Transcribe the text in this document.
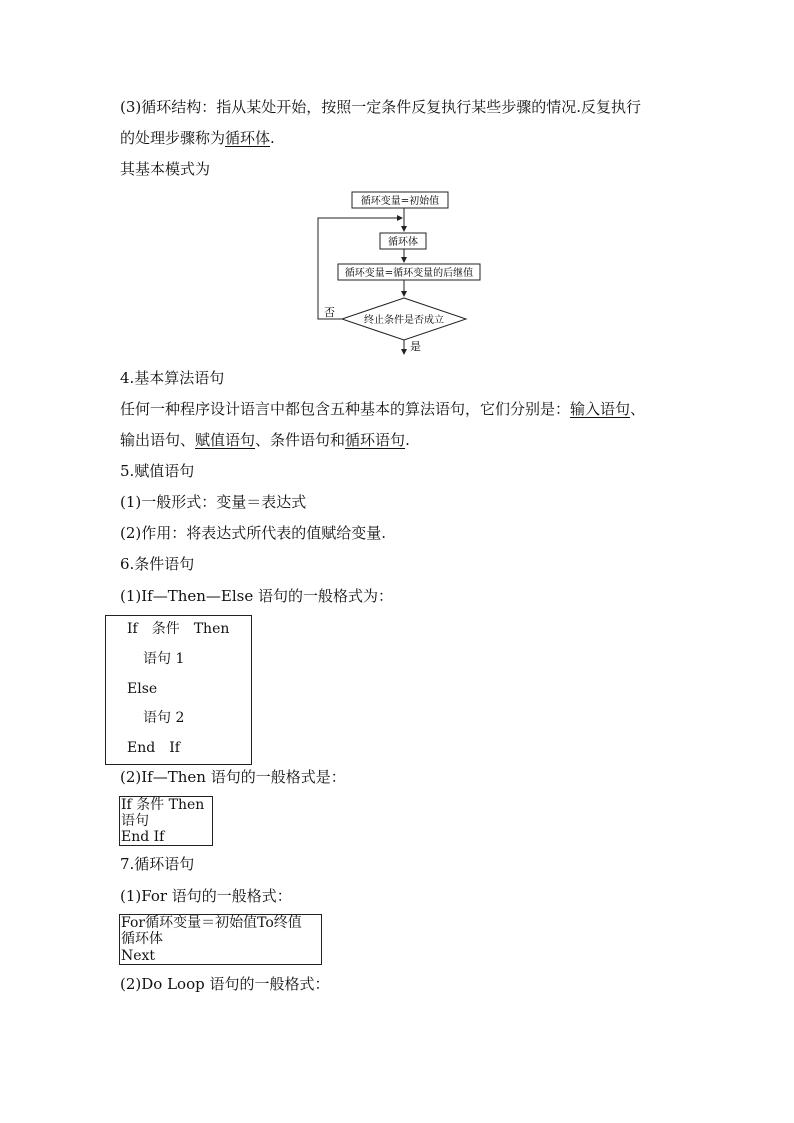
(3)循环结构：指从某处开始，按照一定条件反复执行某些步骤的情况.反复执行
的处理步骤称为循环体.
其基本模式为
循环变量=初始值
循环体
循环变量=循环变量的后继值
终止条件是否成立
否
是
4.基本算法语句
任何一种程序设计语言中都包含五种基本的算法语句，它们分别是：输入语句、
输出语句、赋值语句、条件语句和循环语句.
5.赋值语句
(1)一般形式：变量＝表达式
(2)作用：将表达式所代表的值赋给变量.
6.条件语句
(1)If—Then—Else 语句的一般格式为：
If　条件　Then
语句 1
Else
语句 2
End　If
(2)If—Then 语句的一般格式是：
If 条件 Then
语句
End If
7.循环语句
(1)For 语句的一般格式：
For循环变量＝初始值To终值
循环体
Next
(2)Do Loop 语句的一般格式：
